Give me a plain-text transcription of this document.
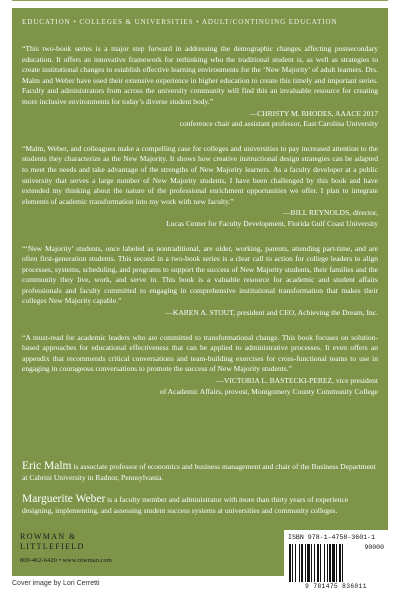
EDUCATION • COLLEGES & UNIVERSITIES • ADULT/CONTINUING EDUCATION
“This two-book series is a major step forward in addressing the demographic changes affecting postsecondary education. It offers an innovative framework for rethinking who the traditional student is, as well as strategies to create institutional changes to establish effective learning environments for the ‘New Majority’ of adult learners. Drs. Malm and Weber have used their extensive experience in higher education to create this timely and important series. Faculty and administrators from across the university community will find this an invaluable resource for creating more inclusive environments for today’s diverse student body.”
—CHRISTY M. RHODES, AAACE 2017
conference chair and assistant professor, East Carolina University
“Malm, Weber, and colleagues make a compelling case for colleges and universities to pay increased attention to the students they characterize as the New Majority. It shows how creative instructional design strategies can be adapted to meet the needs and take advantage of the strengths of New Majority learners. As a faculty developer at a public university that serves a large number of New Majority students, I have been challenged by this book and have extended my thinking about the nature of the professional enrichment opportunities we offer. I plan to integrate elements of academic transformation into my work with new faculty.”
—BILL REYNOLDS, director,
Lucas Center for Faculty Development, Florida Gulf Coast University
“‘New Majority’ students, once labeled as nontraditional, are older, working, parents, attending part-time, and are often first-generation students. This second in a two-book series is a clear call to action for college leaders to align processes, systems, scheduling, and programs to support the success of New Majority students, their families and the community they live, work, and serve in. This book is a valuable resource for academic and student affairs professionals and faculty committed to engaging in comprehensive institutional transformation that makes their colleges New Majority capable.”
—KAREN A. STOUT, president and CEO, Achieving the Dream, Inc.
“A must-read for academic leaders who are committed to transformational change. This book focuses on solution-based approaches for educational effectiveness that can be applied to administrative processes. It even offers an appendix that recommends critical conversations and team-building exercises for cross-functional teams to use in engaging in courageous conversations to promote the success of New Majority students.”
—VICTORIA L. BASTECKI-PEREZ, vice president
of Academic Affairs, provost, Montgomery County Community College
Eric Malm is associate professor of economics and business management and chair of the Business Department at Cabrini University in Radnor, Pennsylvania.
Marguerite Weber is a faculty member and administrator with more than thirty years of experience designing, implementing, and assessing student success systems at universities and community colleges.
ROWMAN &
LITTLEFIELD
800-462-6420 • www.rowman.com
ISBN 978-1-4758-3601-1
90000
9 781475 836011
Cover image by Lori Cerretti
